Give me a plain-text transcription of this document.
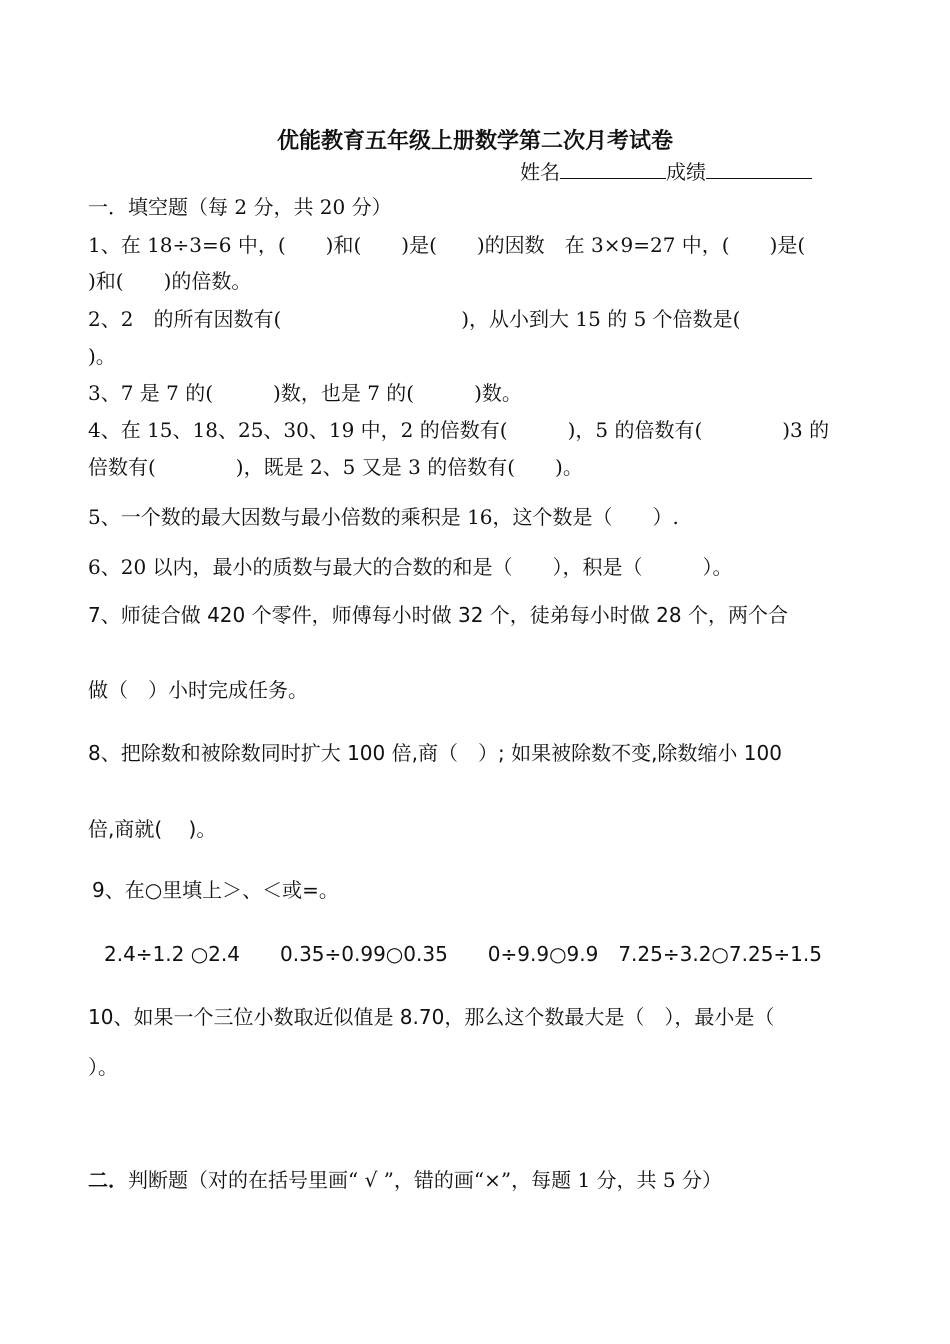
优能教育五年级上册数学第二次月考试卷
姓名	成绩
一．填空题（每 2 分，共 20 分）
1、在 18÷3=6 中，(　　)和(　　)是(　　)的因数　在 3×9=27 中，(　　)是(
)和(　　)的倍数。
2、2　的所有因数有(　　　　　　　　　)，从小到大 15 的 5 个倍数是(
)。
3、7 是 7 的(　　　)数，也是 7 的(　　　)数。
4、在 15、18、25、30、19 中，2 的倍数有(　　　)，5 的倍数有(　　　　)3 的
倍数有(　　　　)，既是 2、5 又是 3 的倍数有(　　)。
5、一个数的最大因数与最小倍数的乘积是 16，这个数是（　　）.
6、20 以内，最小的质数与最大的合数的和是（　　），积是（　　　）。
7、师徒合做 420 个零件，师傅每小时做 32 个，徒弟每小时做 28 个，两个合
做（　）小时完成任务。
8、把除数和被除数同时扩大 100 倍,商（　）; 如果被除数不变,除数缩小 100
倍,商就(　 )。
9、在○里填上＞、＜或=。
2.4÷1.2 ○2.4　　0.35÷0.99○0.35　　0÷9.9○9.9　7.25÷3.2○7.25÷1.5
10、如果一个三位小数取近似值是 8.70，那么这个数最大是（　），最小是（
）。
二．判断题（对的在括号里画“ √ ”，错的画“×”，每题 1 分，共 5 分）
